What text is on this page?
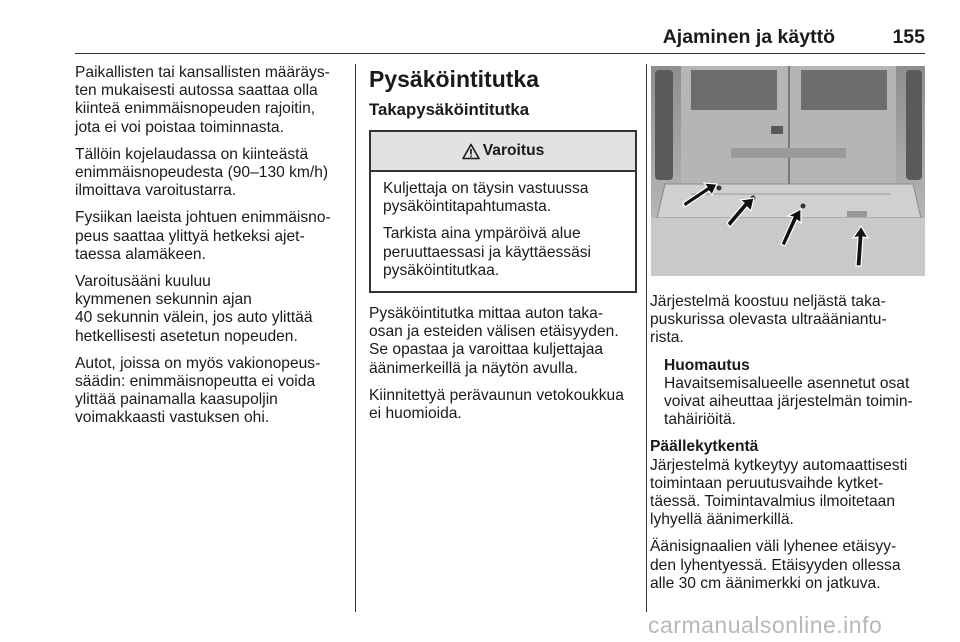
Ajaminen ja käyttö	155

Paikallisten tai kansallisten määräys-
ten mukaisesti autossa saattaa olla
kiinteä enimmäisnopeuden rajoitin,
jota ei voi poistaa toiminnasta.

Tällöin kojelaudassa on kiinteästä
enimmäisnopeudesta (90–130 km/h)
ilmoittava varoitustarra.

Fysiikan laeista johtuen enimmäisno-
peus saattaa ylittyä hetkeksi ajet-
taessa alamäkeen.

Varoitusääni kuuluu
kymmenen sekunnin ajan
40 sekunnin välein, jos auto ylittää
hetkellisesti asetetun nopeuden.

Autot, joissa on myös vakionopeus-
säädin: enimmäisnopeutta ei voida
ylittää painamalla kaasupoljin
voimakkaasti vastuksen ohi.

Pysäköintitutka
Takapysäköintitutka
Varoitus

Kuljettaja on täysin vastuussa
pysäköintitapahtumasta.

Tarkista aina ympäröivä alue
peruuttaessasi ja käyttäessäsi
pysäköintitutkaa.

Pysäköintitutka mittaa auton taka-
osan ja esteiden välisen etäisyyden.
Se opastaa ja varoittaa kuljettajaa
äänimerkeillä ja näytön avulla.

Kiinnitettyä perävaunun vetokoukkua
ei huomioida.

Järjestelmä koostuu neljästä taka-
puskurissa olevasta ultraääniantu-
rista.

Huomautus
Havaitsemisalueelle asennetut osat
voivat aiheuttaa järjestelmän toimin-
tahäiriöitä.
Päällekytkentä

Järjestelmä kytkeytyy automaattisesti
toimintaan peruutusvaihde kytket-
täessä. Toimintavalmius ilmoitetaan
lyhyellä äänimerkillä.

Äänisignaalien väli lyhenee etäisyy-
den lyhentyessä. Etäisyyden ollessa
alle 30 cm äänimerkki on jatkuva.

carmanualsonline.info
